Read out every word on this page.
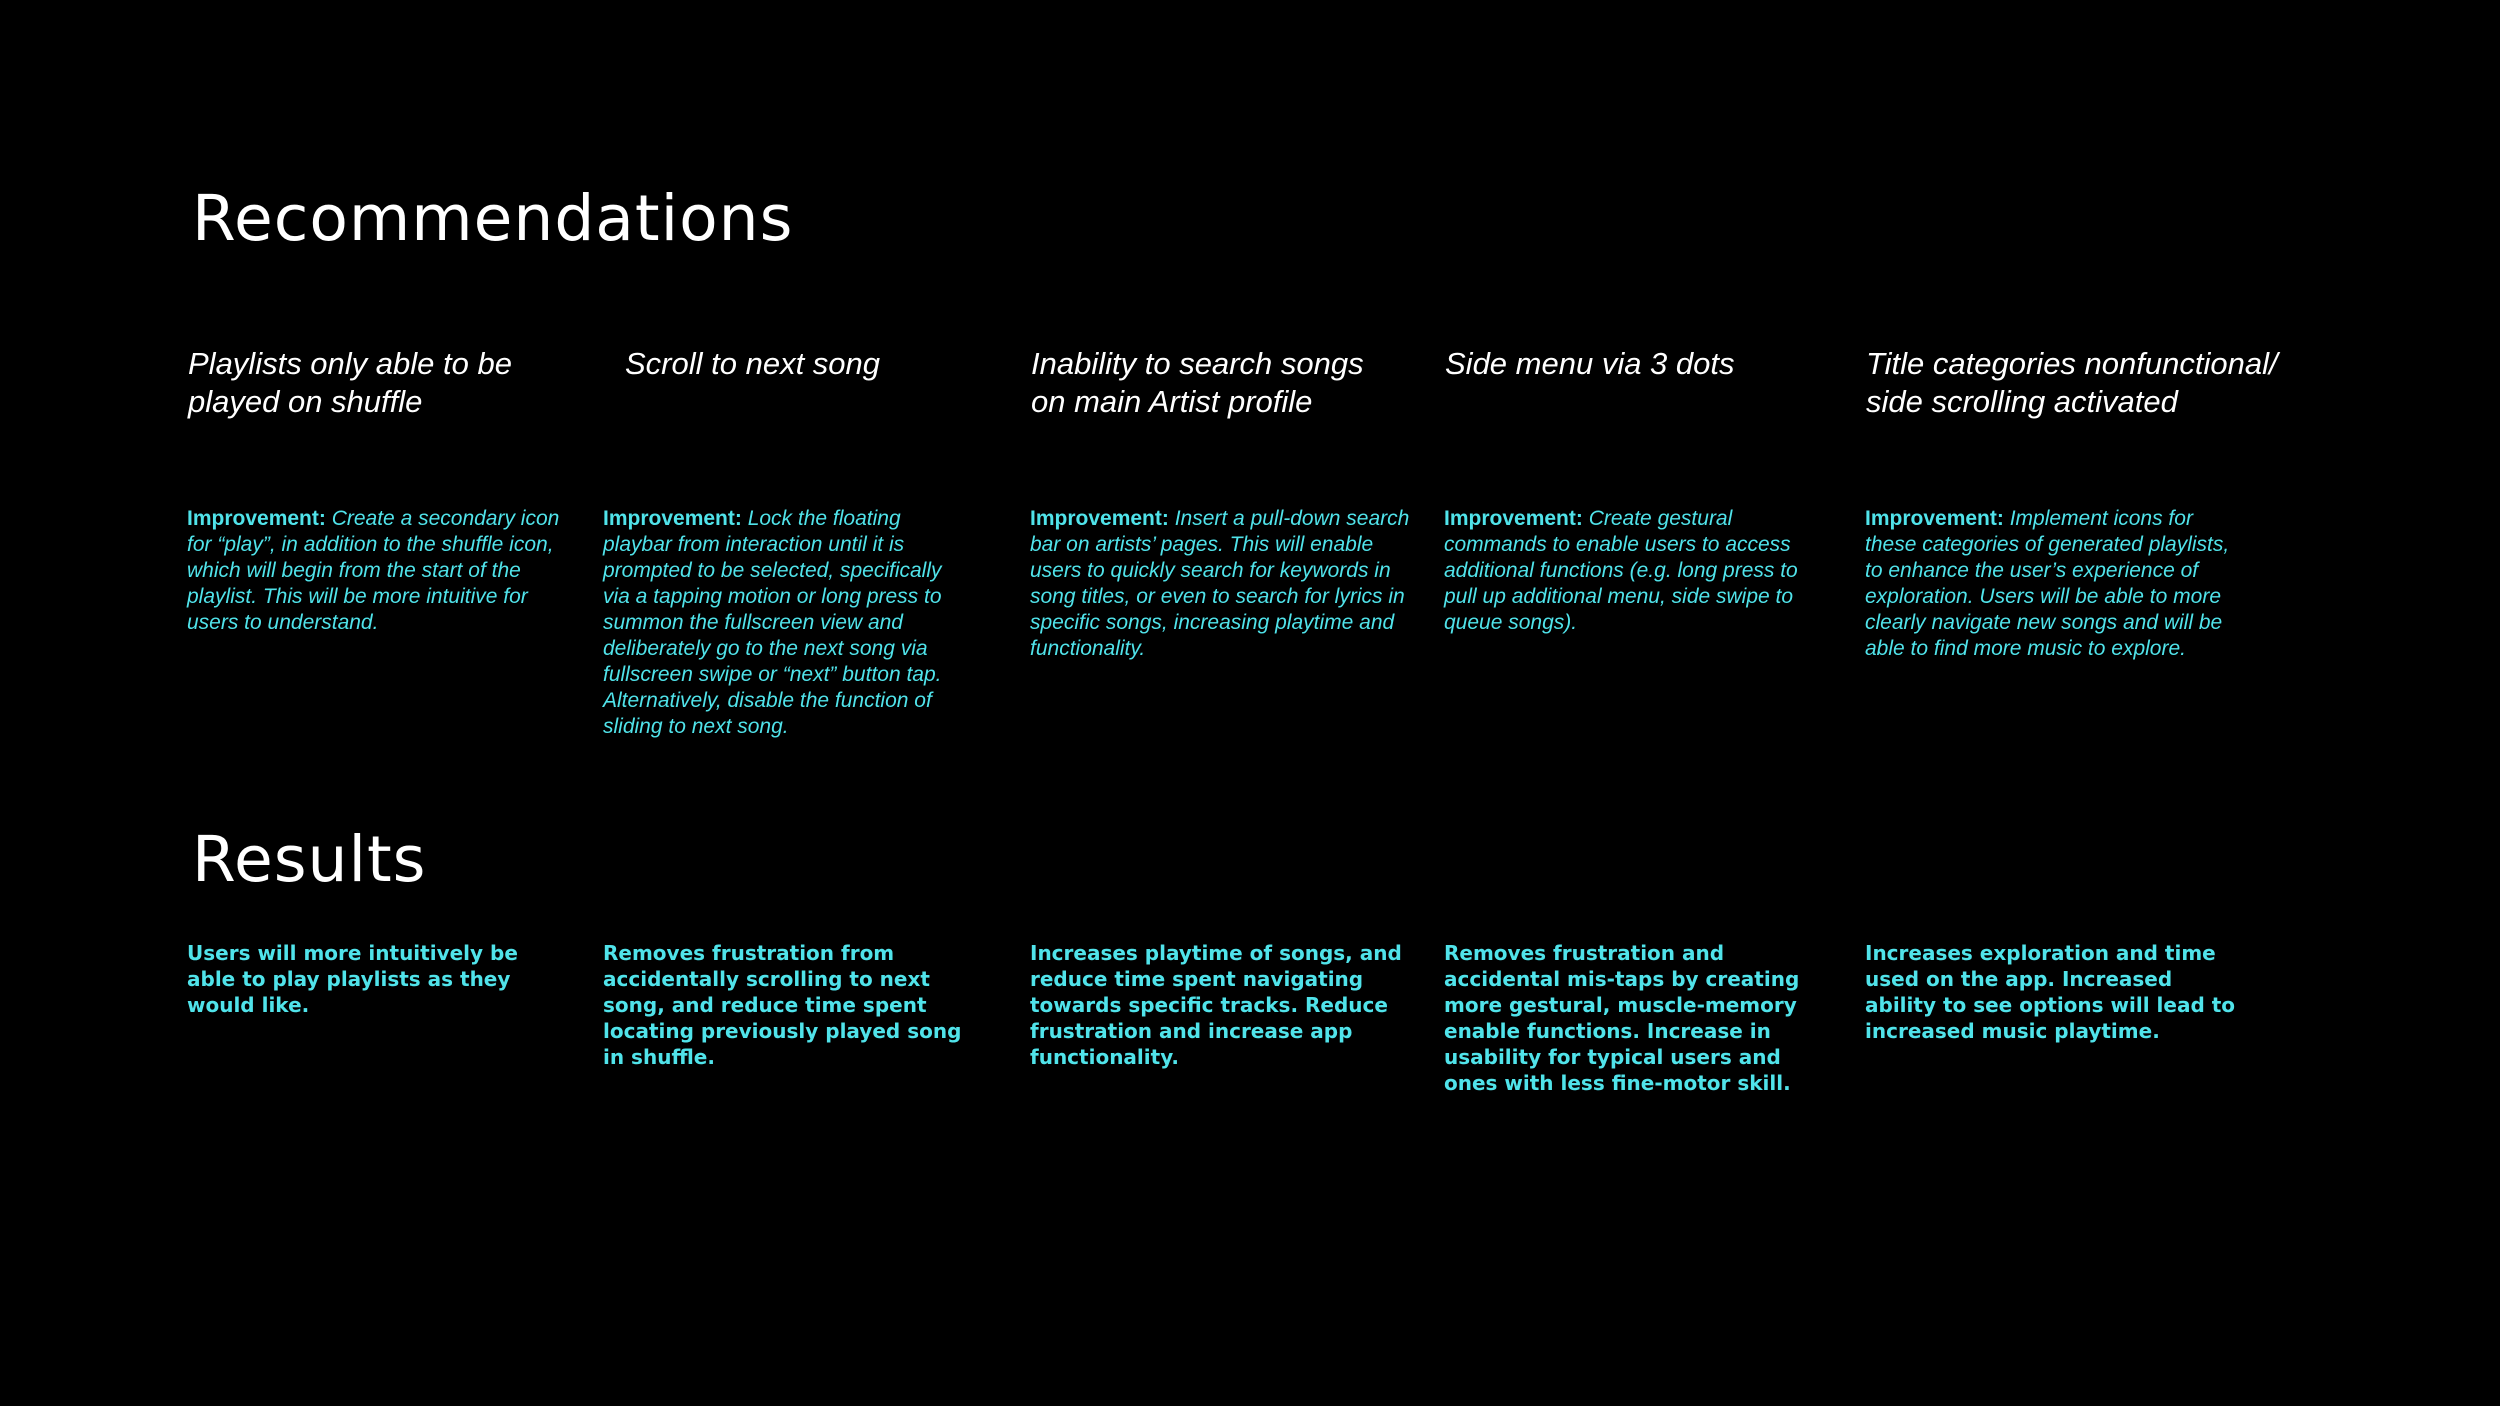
Recommendations
Results
Playlists only able to be
played on shuffle
Improvement: Create a secondary icon for “play”, in addition to the shuffle icon, which will begin from the start of the playlist. This will be more intuitive for users to understand.
Users will more intuitively be able to play playlists as they would like.
Scroll to next song
Improvement: Lock the floating playbar from interaction until it is prompted to be selected, specifically via a tapping motion or long press to summon the fullscreen view and deliberately go to the next song via fullscreen swipe or “next” button tap. Alternatively, disable the function of sliding to next song.
Removes frustration from accidentally scrolling to next song, and reduce time spent locating previously played song in shuffle.
Inability to search songs
on main Artist profile
Improvement: Insert a pull-down search bar on artists’ pages. This will enable users to quickly search for keywords in song titles, or even to search for lyrics in specific songs, increasing playtime and functionality.
Increases playtime of songs, and reduce time spent navigating towards specific tracks. Reduce frustration and increase app functionality.
Side menu via 3 dots
Improvement: Create gestural commands to enable users to access additional functions (e.g. long press to pull up additional menu, side swipe to queue songs).
Removes frustration and accidental mis-taps by creating more gestural, muscle-memory enable functions. Increase in usability for typical users and ones with less fine-motor skill.
Title categories nonfunctional/
side scrolling activated
Improvement: Implement icons for these categories of generated playlists, to enhance the user’s experience of exploration. Users will be able to more clearly navigate new songs and will be able to find more music to explore.
Increases exploration and time used on the app. Increased ability to see options will lead to increased music playtime.
